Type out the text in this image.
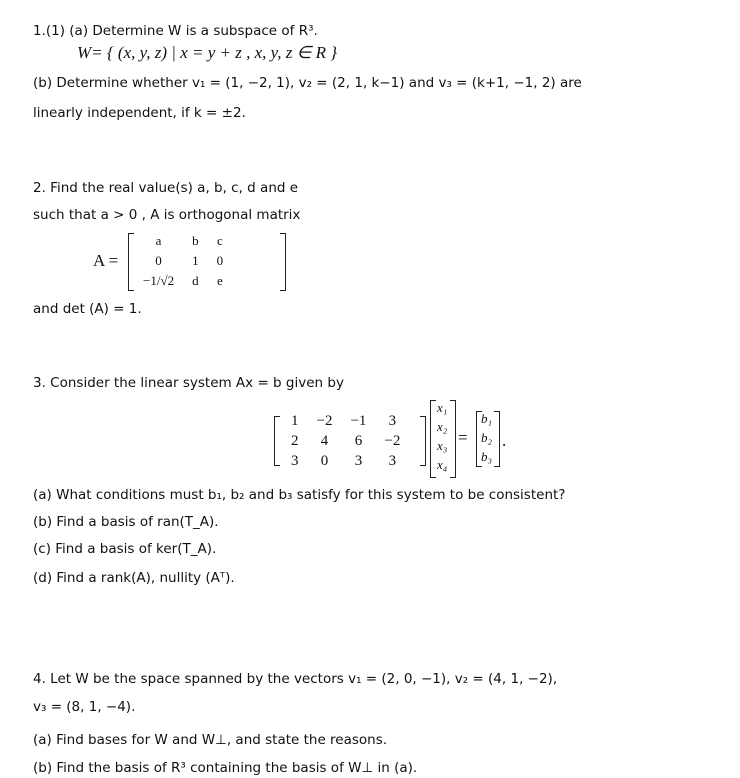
1.(1) (a) Determine W is a subspace of R³.
W= { (x, y, z) | x = y + z , x, y, z ∈ R }
(b) Determine whether v₁ = (1, −2, 1), v₂ = (2, 1, k−1) and v₃ = (k+1, −1, 2) are
linearly independent, if k = ±2.
2. Find the real value(s) a, b, c, d and e
such that a > 0 , A is orthogonal matrix
A =
a	b	c
0	1	0
−1/√2	d	e
and det (A) = 1.
3. Consider the linear system Ax = b given by
1	−2	−1	3
2	4	6	−2
3	0	3	3
x₁
x₂
x₃
x₄
=
b₁
b₂
b₃
.
(a) What conditions must b₁, b₂ and b₃ satisfy for this system to be consistent?
(b) Find a basis of ran(T_A).
(c) Find a basis of ker(T_A).
(d) Find a rank(A), nullity (Aᵀ).
4. Let W be the space spanned by the vectors v₁ = (2, 0, −1), v₂ = (4, 1, −2),
v₃ = (8, 1, −4).
(a) Find bases for W and W⊥, and state the reasons.
(b) Find the basis of R³ containing the basis of W⊥ in (a).
